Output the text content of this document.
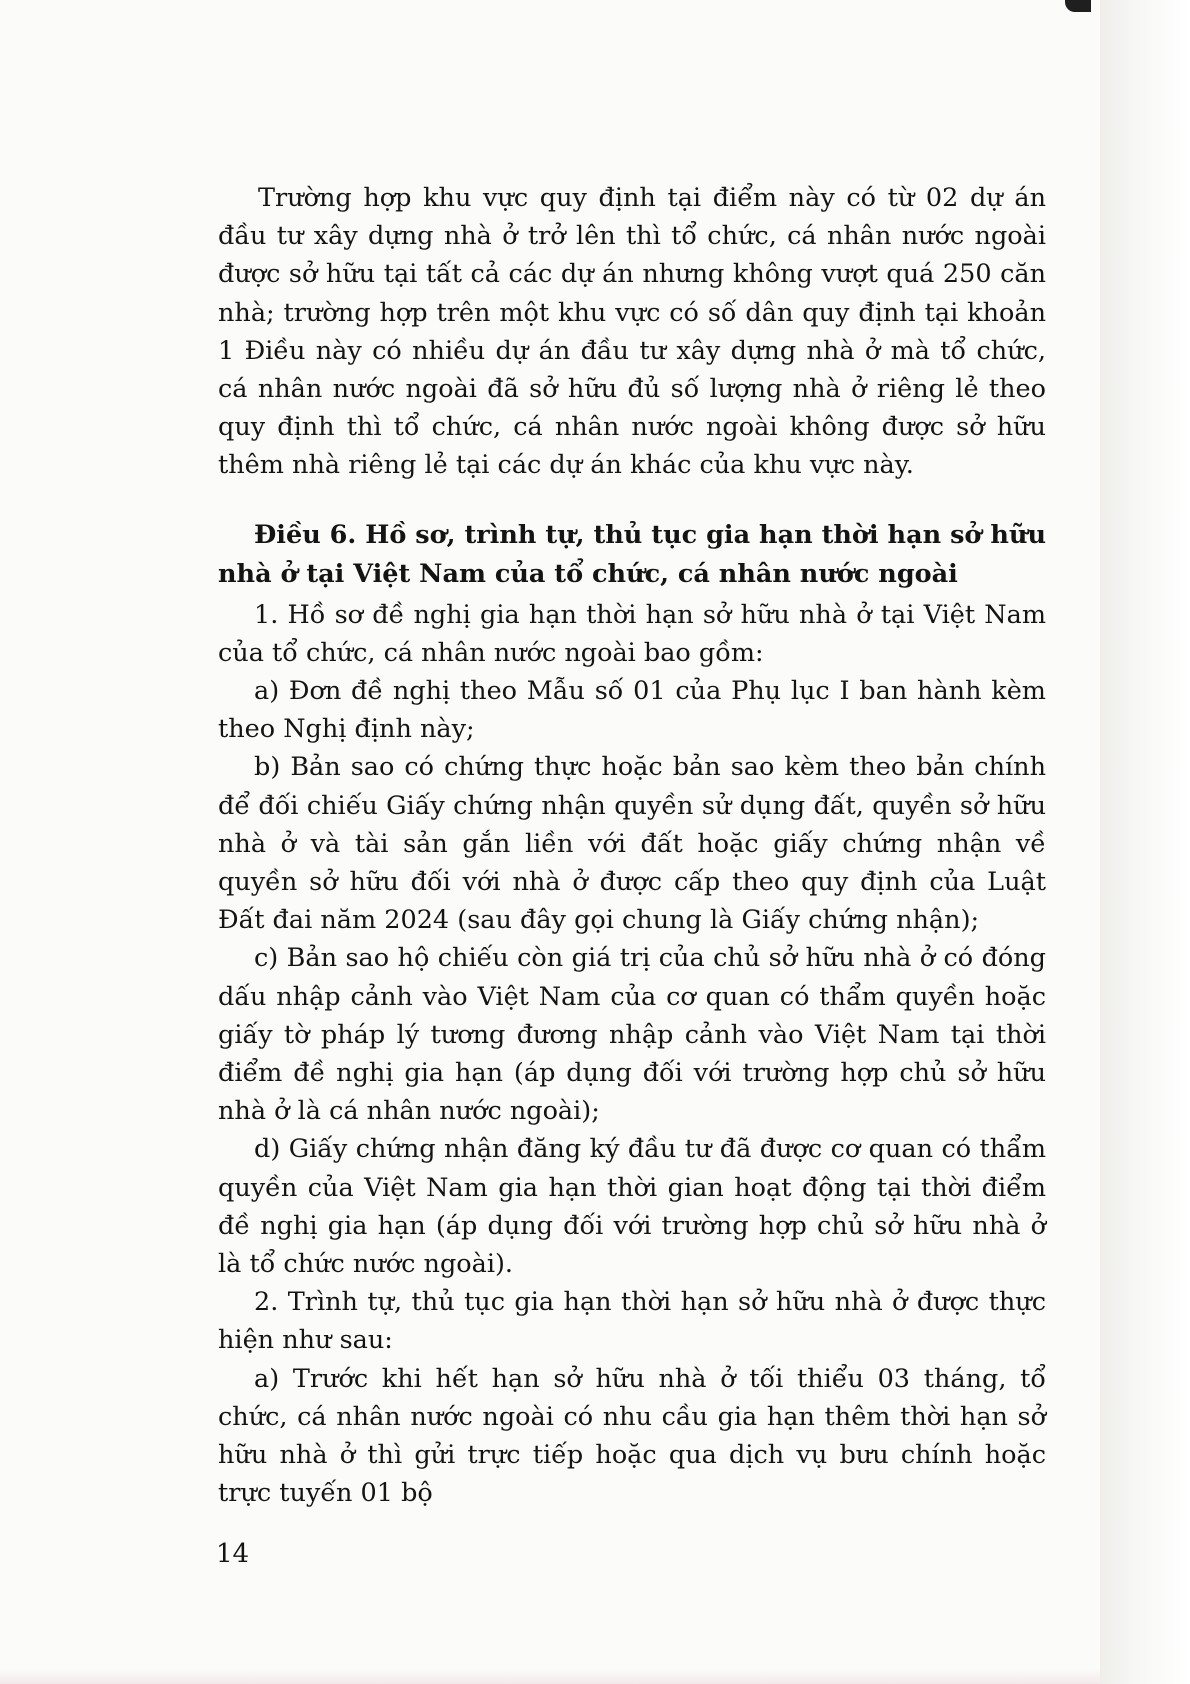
Trường hợp khu vực quy định tại điểm này có từ 02 dự án đầu tư xây dựng nhà ở trở lên thì tổ chức, cá nhân nước ngoài được sở hữu tại tất cả các dự án nhưng không vượt quá 250 căn nhà; trường hợp trên một khu vực có số dân quy định tại khoản 1 Điều này có nhiều dự án đầu tư xây dựng nhà ở mà tổ chức, cá nhân nước ngoài đã sở hữu đủ số lượng nhà ở riêng lẻ theo quy định thì tổ chức, cá nhân nước ngoài không được sở hữu thêm nhà riêng lẻ tại các dự án khác của khu vực này.

Điều 6. Hồ sơ, trình tự, thủ tục gia hạn thời hạn sở hữu nhà ở tại Việt Nam của tổ chức, cá nhân nước ngoài

1. Hồ sơ đề nghị gia hạn thời hạn sở hữu nhà ở tại Việt Nam của tổ chức, cá nhân nước ngoài bao gồm:

a) Đơn đề nghị theo Mẫu số 01 của Phụ lục I ban hành kèm theo Nghị định này;

b) Bản sao có chứng thực hoặc bản sao kèm theo bản chính để đối chiếu Giấy chứng nhận quyền sử dụng đất, quyền sở hữu nhà ở và tài sản gắn liền với đất hoặc giấy chứng nhận về quyền sở hữu đối với nhà ở được cấp theo quy định của Luật Đất đai năm 2024 (sau đây gọi chung là Giấy chứng nhận);

c) Bản sao hộ chiếu còn giá trị của chủ sở hữu nhà ở có đóng dấu nhập cảnh vào Việt Nam của cơ quan có thẩm quyền hoặc giấy tờ pháp lý tương đương nhập cảnh vào Việt Nam tại thời điểm đề nghị gia hạn (áp dụng đối với trường hợp chủ sở hữu nhà ở là cá nhân nước ngoài);

d) Giấy chứng nhận đăng ký đầu tư đã được cơ quan có thẩm quyền của Việt Nam gia hạn thời gian hoạt động tại thời điểm đề nghị gia hạn (áp dụng đối với trường hợp chủ sở hữu nhà ở là tổ chức nước ngoài).

2. Trình tự, thủ tục gia hạn thời hạn sở hữu nhà ở được thực hiện như sau:

a) Trước khi hết hạn sở hữu nhà ở tối thiểu 03 tháng, tổ chức, cá nhân nước ngoài có nhu cầu gia hạn thêm thời hạn sở hữu nhà ở thì gửi trực tiếp hoặc qua dịch vụ bưu chính hoặc trực tuyến 01 bộ

14
